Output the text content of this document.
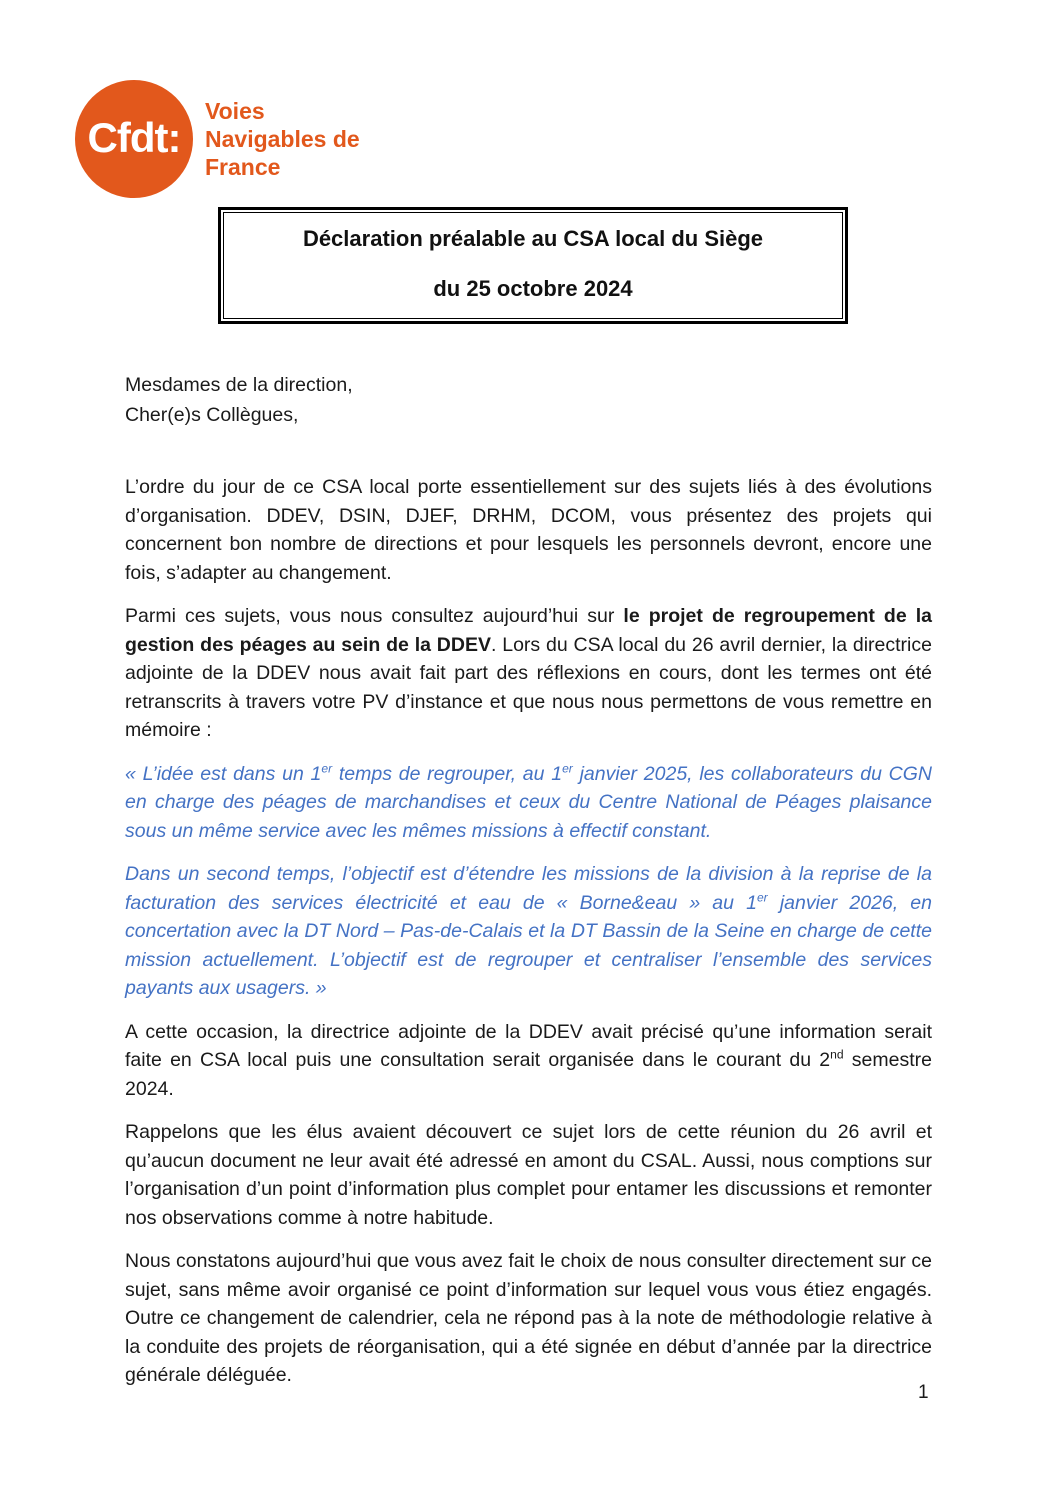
Cfdt:
Voies
Navigables de
France
Déclaration préalable au CSA local du Siège
du 25 octobre 2024

Mesdames de la direction,

Cher(e)s Collègues,

L’ordre du jour de ce CSA local porte essentiellement sur des sujets liés à des évolutions d’organisation. DDEV, DSIN, DJEF, DRHM, DCOM, vous présentez des projets qui concernent bon nombre de directions et pour lesquels les personnels devront, encore une fois, s’adapter au changement.

Parmi ces sujets, vous nous consultez aujourd’hui sur le projet de regroupement de la gestion des péages au sein de la DDEV. Lors du CSA local du 26 avril dernier, la directrice adjointe de la DDEV nous avait fait part des réflexions en cours, dont les termes ont été retranscrits à travers votre PV d’instance et que nous nous permettons de vous remettre en mémoire :

« L’idée est dans un 1er temps de regrouper, au 1er janvier 2025, les collaborateurs du CGN en charge des péages de marchandises et ceux du Centre National de Péages plaisance sous un même service avec les mêmes missions à effectif constant.

Dans un second temps, l’objectif est d’étendre les missions de la division à la reprise de la facturation des services électricité et eau de « Borne&eau » au 1er janvier 2026, en concertation avec la DT Nord – Pas-de-Calais et la DT Bassin de la Seine en charge de cette mission actuellement. L’objectif est de regrouper et centraliser l’ensemble des services payants aux usagers. »

A cette occasion, la directrice adjointe de la DDEV avait précisé qu’une information serait faite en CSA local puis une consultation serait organisée dans le courant du 2nd semestre 2024.

Rappelons que les élus avaient découvert ce sujet lors de cette réunion du 26 avril et qu’aucun document ne leur avait été adressé en amont du CSAL. Aussi, nous comptions sur l’organisation d’un point d’information plus complet pour entamer les discussions et remonter nos observations comme à notre habitude.

Nous constatons aujourd’hui que vous avez fait le choix de nous consulter directement sur ce sujet, sans même avoir organisé ce point d’information sur lequel vous vous étiez engagés. Outre ce changement de calendrier, cela ne répond pas à la note de méthodologie relative à la conduite des projets de réorganisation, qui a été signée en début d’année par la directrice générale déléguée.

1
